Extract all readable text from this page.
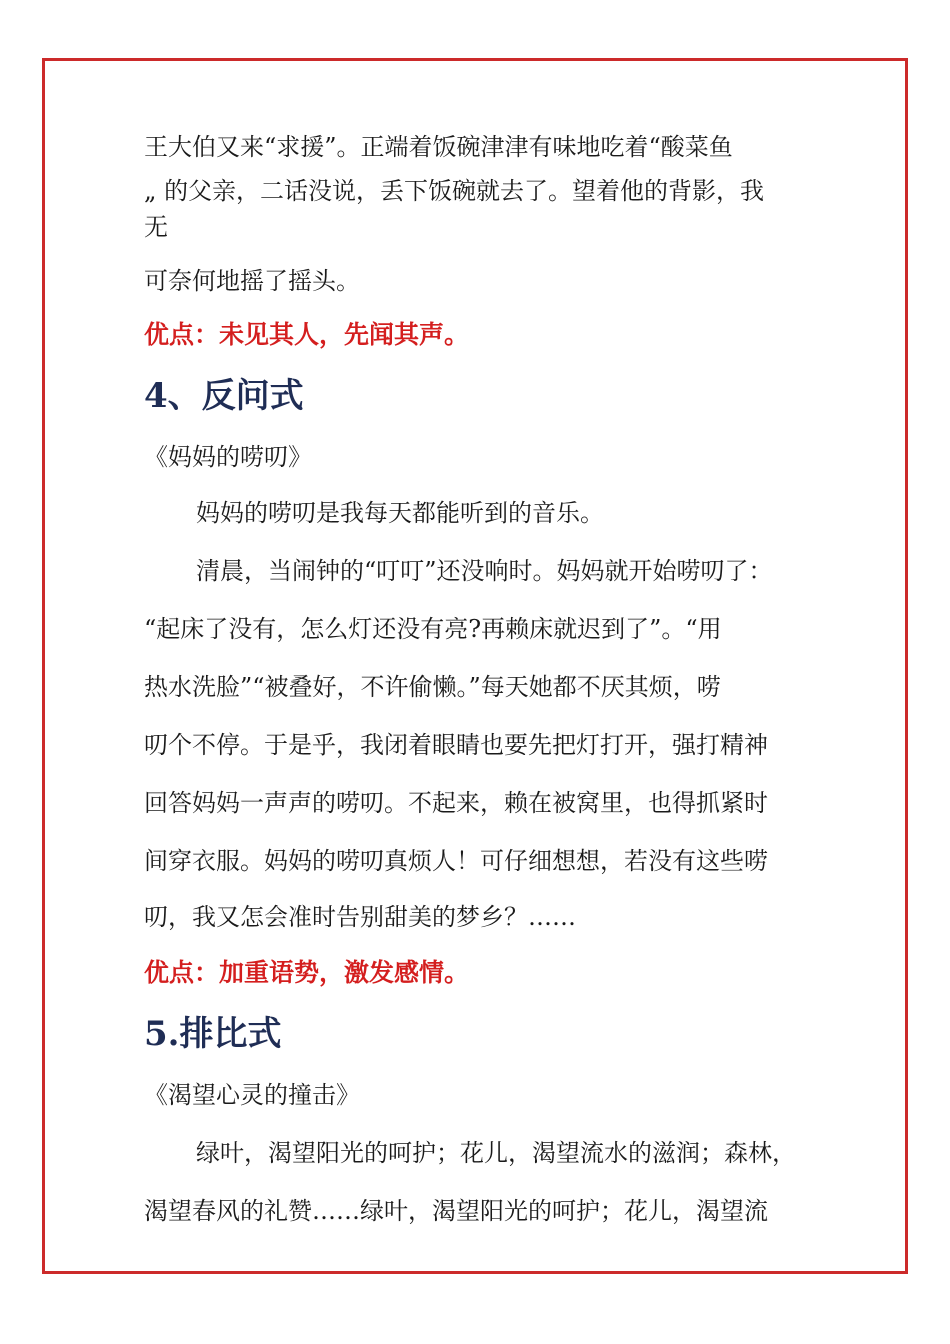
王大伯又来“求援”。正端着饭碗津津有味地吃着“酸菜鱼
„ 的父亲，二话没说，丢下饭碗就去了。望着他的背影，我
无
可奈何地摇了摇头。
优点：未见其人，先闻其声。
4、反问式
《妈妈的唠叨》
妈妈的唠叨是我每天都能听到的音乐。
清晨，当闹钟的“叮叮”还没响时。妈妈就开始唠叨了：
“起床了没有，怎么灯还没有亮?再赖床就迟到了”。“用
热水洗脸”“被叠好，不许偷懒。”每天她都不厌其烦，唠
叨个不停。于是乎，我闭着眼睛也要先把灯打开，强打精神
回答妈妈一声声的唠叨。不起来，赖在被窝里，也得抓紧时
间穿衣服。妈妈的唠叨真烦人！可仔细想想，若没有这些唠
叨，我又怎会准时告别甜美的梦乡？……
优点：加重语势，激发感情。
5.排比式
《渴望心灵的撞击》
绿叶，渴望阳光的呵护；花儿，渴望流水的滋润；森林，
渴望春风的礼赞……绿叶，渴望阳光的呵护；花儿，渴望流
